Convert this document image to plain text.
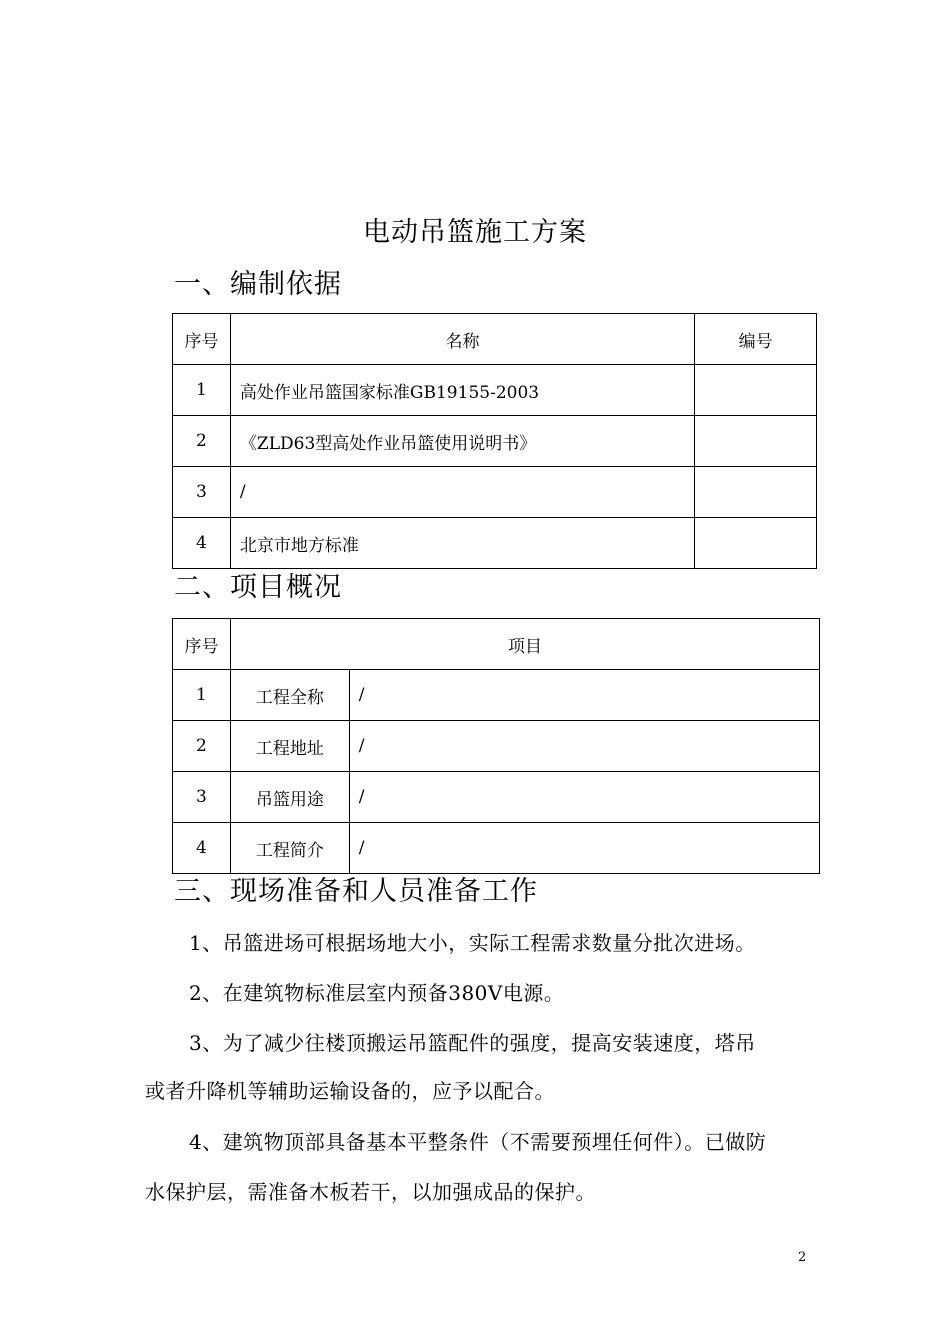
电动吊篮施工方案
一、编制依据
序号	名称	编号
1	高处作业吊篮国家标准GB19155-2003	
2	《ZLD63型高处作业吊篮使用说明书》	
3	/	
4	北京市地方标准	
二、项目概况
序号	项目	
1	工程全称	/
2	工程地址	/
3	吊篮用途	/
4	工程简介	/
三、现场准备和人员准备工作
1、吊篮进场可根据场地大小，实际工程需求数量分批次进场。
2、在建筑物标准层室内预备380V电源。
3、为了减少往楼顶搬运吊篮配件的强度，提高安装速度，塔吊
或者升降机等辅助运输设备的，应予以配合。
4、建筑物顶部具备基本平整条件（不需要预埋任何件）。已做防
水保护层，需准备木板若干，以加强成品的保护。
2
